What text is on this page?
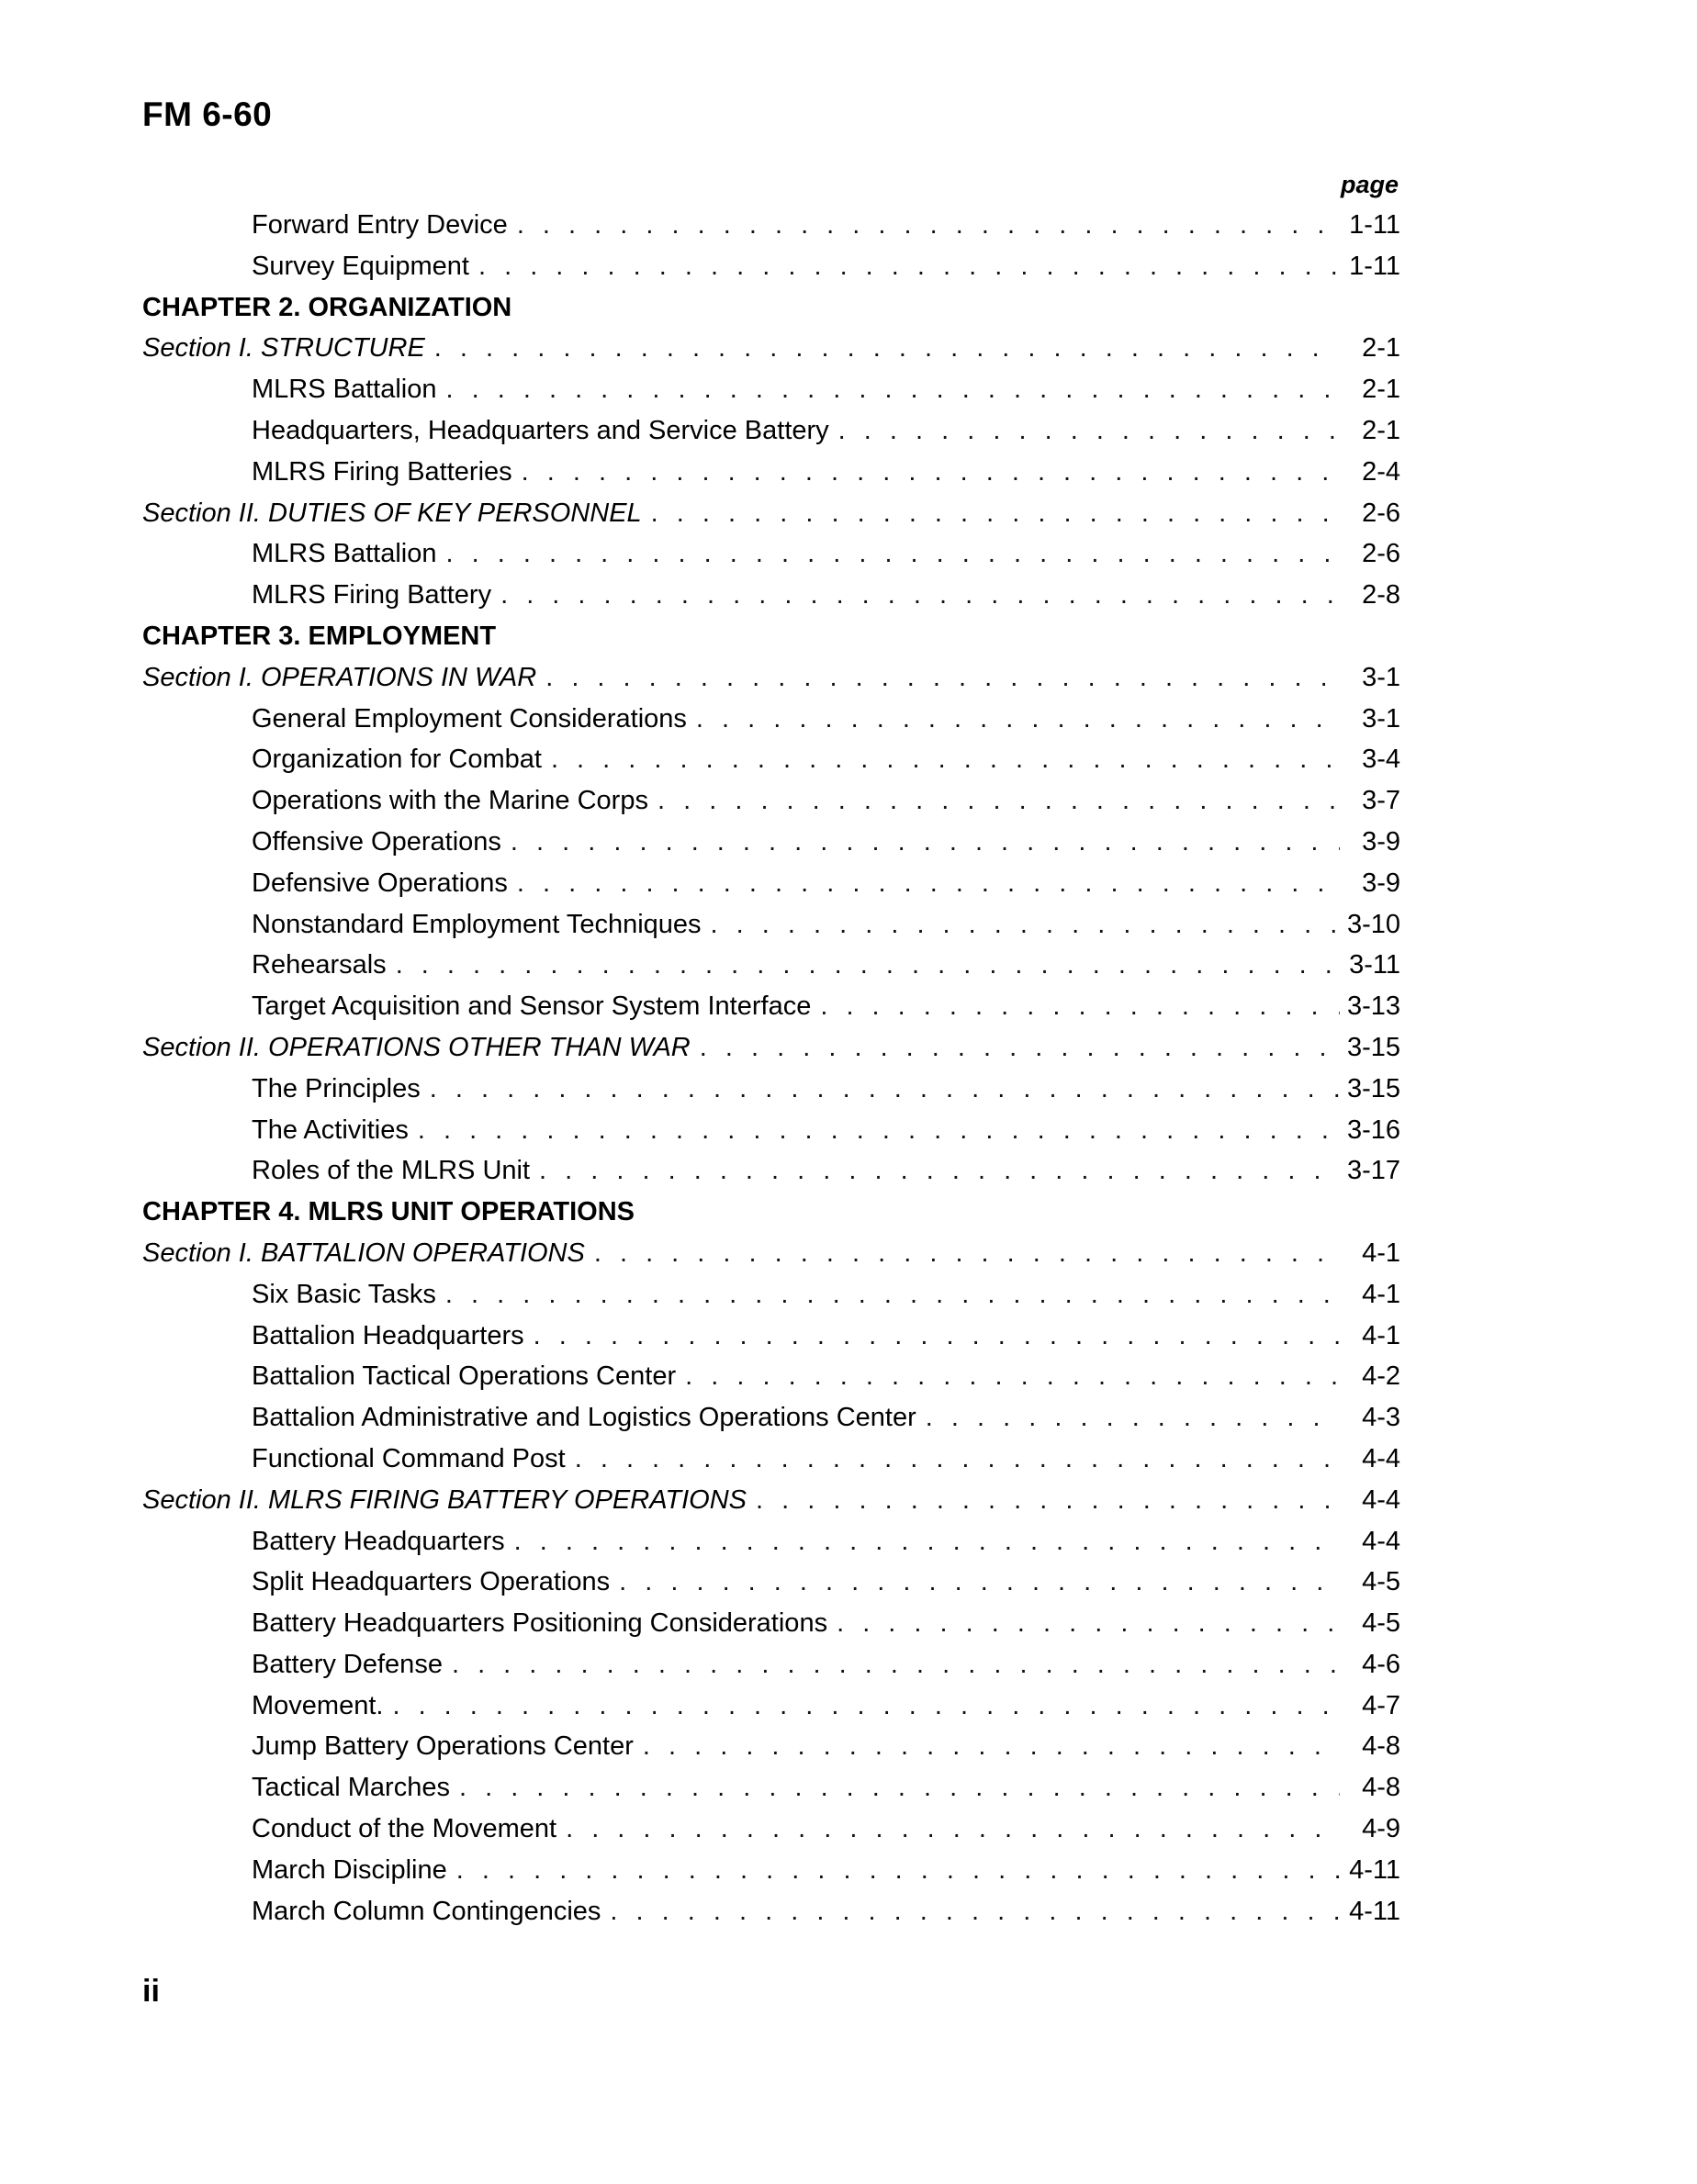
FM 6-60
page
Forward Entry Device . . .	1-11
Survey Equipment . . .	1-11
CHAPTER 2. ORGANIZATION
Section I. STRUCTURE . . .	2-1
MLRS Battalion . . .	2-1
Headquarters, Headquarters and Service Battery . . .	2-1
MLRS Firing Batteries . . .	2-4
Section II. DUTIES OF KEY PERSONNEL . . .	2-6
MLRS Battalion . . .	2-6
MLRS Firing Battery . . .	2-8
CHAPTER 3. EMPLOYMENT
Section I. OPERATIONS IN WAR . . .	3-1
General Employment Considerations . . .	3-1
Organization for Combat . . .	3-4
Operations with the Marine Corps . . .	3-7
Offensive Operations . . .	3-9
Defensive Operations . . .	3-9
Nonstandard Employment Techniques . . .	3-10
Rehearsals . . .	3-11
Target Acquisition and Sensor System Interface . . .	3-13
Section II. OPERATIONS OTHER THAN WAR . . .	3-15
The Principles . . .	3-15
The Activities . . .	3-16
Roles of the MLRS Unit . . .	3-17
CHAPTER 4. MLRS UNIT OPERATIONS
Section I. BATTALION OPERATIONS . . .	4-1
Six Basic Tasks . . .	4-1
Battalion Headquarters . . .	4-1
Battalion Tactical Operations Center . . .	4-2
Battalion Administrative and Logistics Operations Center . . .	4-3
Functional Command Post . . .	4-4
Section II. MLRS FIRING BATTERY OPERATIONS . . .	4-4
Battery Headquarters . . .	4-4
Split Headquarters Operations . . .	4-5
Battery Headquarters Positioning Considerations . . .	4-5
Battery Defense . . .	4-6
Movement. . . .	4-7
Jump Battery Operations Center . . .	4-8
Tactical Marches . . .	4-8
Conduct of the Movement . . .	4-9
March Discipline . . .	4-11
March Column Contingencies . . .	4-11
ii
